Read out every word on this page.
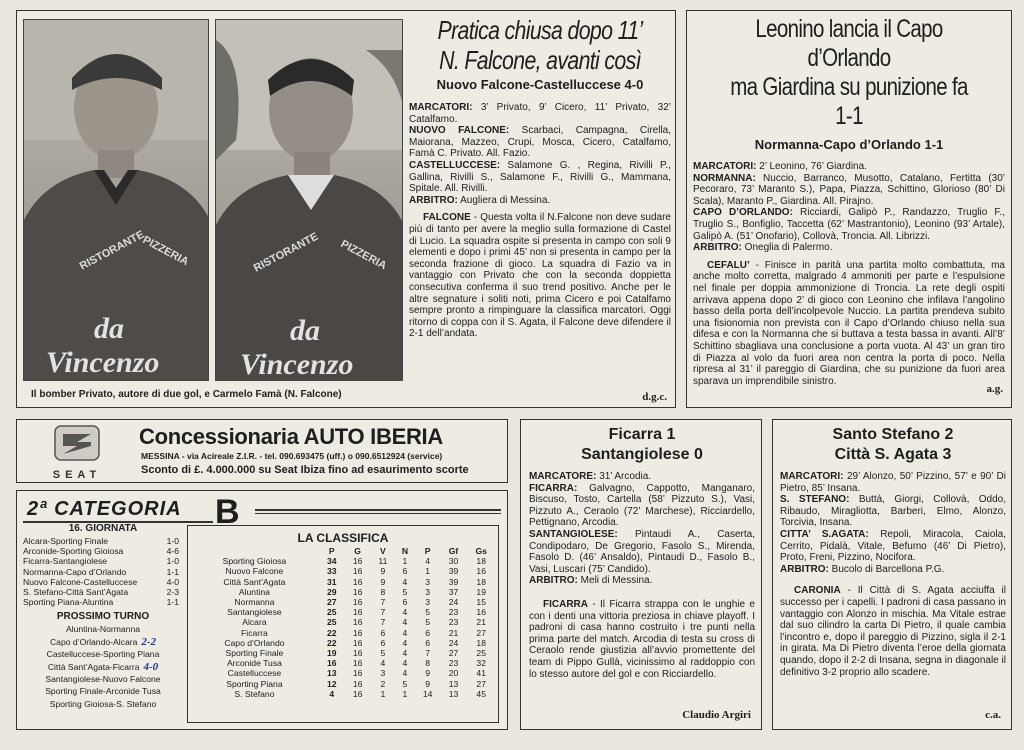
RISTORANTE
PIZZERIA
da
Vincenzo
RISTORANTE PIZZERIA
da
Vincenzo
Il bomber Privato, autore di due gol, e Carmelo Famà (N. Falcone)
Pratica chiusa dopo 11’
N. Falcone, avanti così
Nuovo Falcone-Castelluccese 4-0
MARCATORI: 3’ Privato, 9’ Cicero, 11’ Privato, 32’ Catalfamo.
NUOVO FALCONE: Scarbaci, Campagna, Cirella, Maiorana, Mazzeo, Crupi, Mosca, Cicero, Catalfamo, Famà C. Privato. All. Fazio.
CASTELLUCCESE: Salamone G. , Regina, Rivilli P., Gallina, Rivilli S., Salamone F., Rivilli G., Mammana, Spitale. All. Rivilli.
ARBITRO: Augliera di Messina.
FALCONE - Questa volta il N.Falcone non deve sudare più di tanto per avere la meglio sulla formazione di Castel di Lucio. La squadra ospite si presenta in campo con soli 9 elementi e dopo i primi 45’ non si presenta in campo per la seconda frazione di gioco. La squadra di Fazio va in vantaggio con Privato che con la seconda doppietta consecutiva conferma il suo trend positivo. Anche per le altre segnature i soliti noti, prima Cicero e poi Catalfamo sempre pronto a rimpinguare la classifica marcatori. Oggi ritorno di coppa con il S. Agata, il Falcone deve difendere il 2-1 dell’andata.
d.g.c.
Leonino lancia il Capo d’Orlando
ma Giardina su punizione fa 1-1
Normanna-Capo d’Orlando 1-1
MARCATORI: 2’ Leonino, 76’ Giardina.
NORMANNA: Nuccio, Barranco, Musotto, Catalano, Fertitta (30’ Pecoraro, 73’ Maranto S.), Papa, Piazza, Schittino, Glorioso (80’ Di Scala), Maranto P., Giardina. All. Pirajno.
CAPO D’ORLANDO: Ricciardi, Galipò P., Randazzo, Truglio F., Truglio S., Bonfiglio, Taccetta (62’ Mastrantonio), Leonino (93’ Artale), Galipò A. (51’ Onofario), Collovà, Troncia. All. Librizzi.
ARBITRO: Oneglia di Palermo.
CEFALU’ - Finisce in parità una partita molto combattuta, ma anche molto corretta, malgrado 4 ammoniti per parte e l’espulsione nel finale per doppia ammonizione di Troncia. La rete degli ospiti arrivava appena dopo 2’ di gioco con Leonino che infilava l’angolino basso della porta dell’incolpevole Nuccio. La partita prendeva subito una fisionomia non prevista con il Capo d’Orlando chiuso nella sua difesa e con la Normanna che si buttava a testa bassa in avanti. All’8’ Schittino sbagliava una conclusione a porta vuota. Al 43’ un gran tiro di Piazza al volo da fuori area non centra la porta di poco. Nella ripresa al 31’ il pareggio di Giardina, che su punizione da fuori area sparava un imprendibile sinistro.
a.g.
SEAT
Concessionaria AUTO IBERIA
MESSINA - via Acireale Z.I.R. - tel. 090.693475 (uff.) o 090.6512924 (service)
Sconto di £. 4.000.000 su Seat Ibiza fino ad esaurimento scorte
2ª CATEGORIA B
16. GIORNATA
Alcara-Sporting Finale	1-0
Arconide-Sporting Gioiosa	4-6
Ficarra-Santangiolese	1-0
Normanna-Capo d’Orlando	1-1
Nuovo Falcone-Castelluccese	4-0
S. Stefano-Città Sant’Agata	2-3
Sporting Piana-Aluntina	1-1
PROSSIMO TURNO
Aluntina-Normanna
Capo d’Orlando-Alcara 2-2
Castelluccese-Sporting Piana
Città Sant’Agata-Ficarra 4-0
Santangiolese-Nuovo Falcone
Sporting Finale-Arconide Tusa
Sporting Gioiosa-S. Stefano
LA CLASSIFICA
	P	G	V	N	P	Gf	Gs
Sporting Gioiosa	34	16	11	1	4	30	18
Nuovo Falcone	33	16	9	6	1	39	16
Città Sant’Agata	31	16	9	4	3	39	18
Aluntina	29	16	8	5	3	37	19
Normanna	27	16	7	6	3	24	15
Santangiolese	25	16	7	4	5	23	16
Alcara	25	16	7	4	5	23	21
Ficarra	22	16	6	4	6	21	27
Capo d’Orlando	22	16	6	4	6	24	18
Sporting Finale	19	16	5	4	7	27	25
Arconide Tusa	16	16	4	4	8	23	32
Castelluccese	13	16	3	4	9	20	41
Sporting Piana	12	16	2	5	9	13	27
S. Stefano	4	16	1	1	14	13	45
Ficarra 1
Santangiolese 0
MARCATORE: 31’ Arcodia.
FICARRA: Galvagno, Cappotto, Manganaro, Biscuso, Tosto, Cartella (58’ Pizzuto S.), Vasi, Pizzuto A., Ceraolo (72’ Marchese), Ricciardello, Pettignano, Arcodia.
SANTANGIOLESE: Pintaudi A., Caserta, Condipodaro, De Gregorio, Fasolo S., Mirenda, Fasolo D. (46’ Ansaldo), Pintaudi D., Fasolo B., Vasi, Luscari (75’ Candido).
ARBITRO: Meli di Messina.
FICARRA - Il Ficarra strappa con le unghie e con i denti una vittoria preziosa in chiave playoff. I padroni di casa hanno costruito i tre punti nella prima parte del match. Arcodia di testa su cross di Ceraolo rende giustizia all’avvio promettente del team di Pippo Gullà, vicinissimo al raddoppio con lo stesso autore del gol e con Ricciardello.
Claudio Argiri
Santo Stefano 2
Città S. Agata 3
MARCATORI: 29’ Alonzo, 50’ Pizzino, 57’ e 90’ Di Pietro, 85’ Insana.
S. STEFANO: Buttà, Giorgi, Collovà, Oddo, Ribaudo, Miragliotta, Barberi, Elmo, Alonzo, Torcivia, Insana.
CITTA’ S.AGATA: Repoli, Miracola, Caiola, Cerrito, Pidalà, Vitale, Befumo (46’ Di Pietro), Proto, Freni, Pizzino, Nocifora.
ARBITRO: Bucolo di Barcellona P.G.
CARONIA - Il Città di S. Agata acciuffa il successo per i capelli. I padroni di casa passano in vantaggio con Alonzo in mischia. Ma Vitale estrae dal suo cilindro la carta Di Pietro, il quale cambia l’incontro e, dopo il pareggio di Pizzino, sigla il 2-1 in girata. Ma Di Pietro diventa l’eroe della giornata quando, dopo il 2-2 di Insana, segna in diagonale il definitivo 3-2 proprio allo scadere.
c.a.
